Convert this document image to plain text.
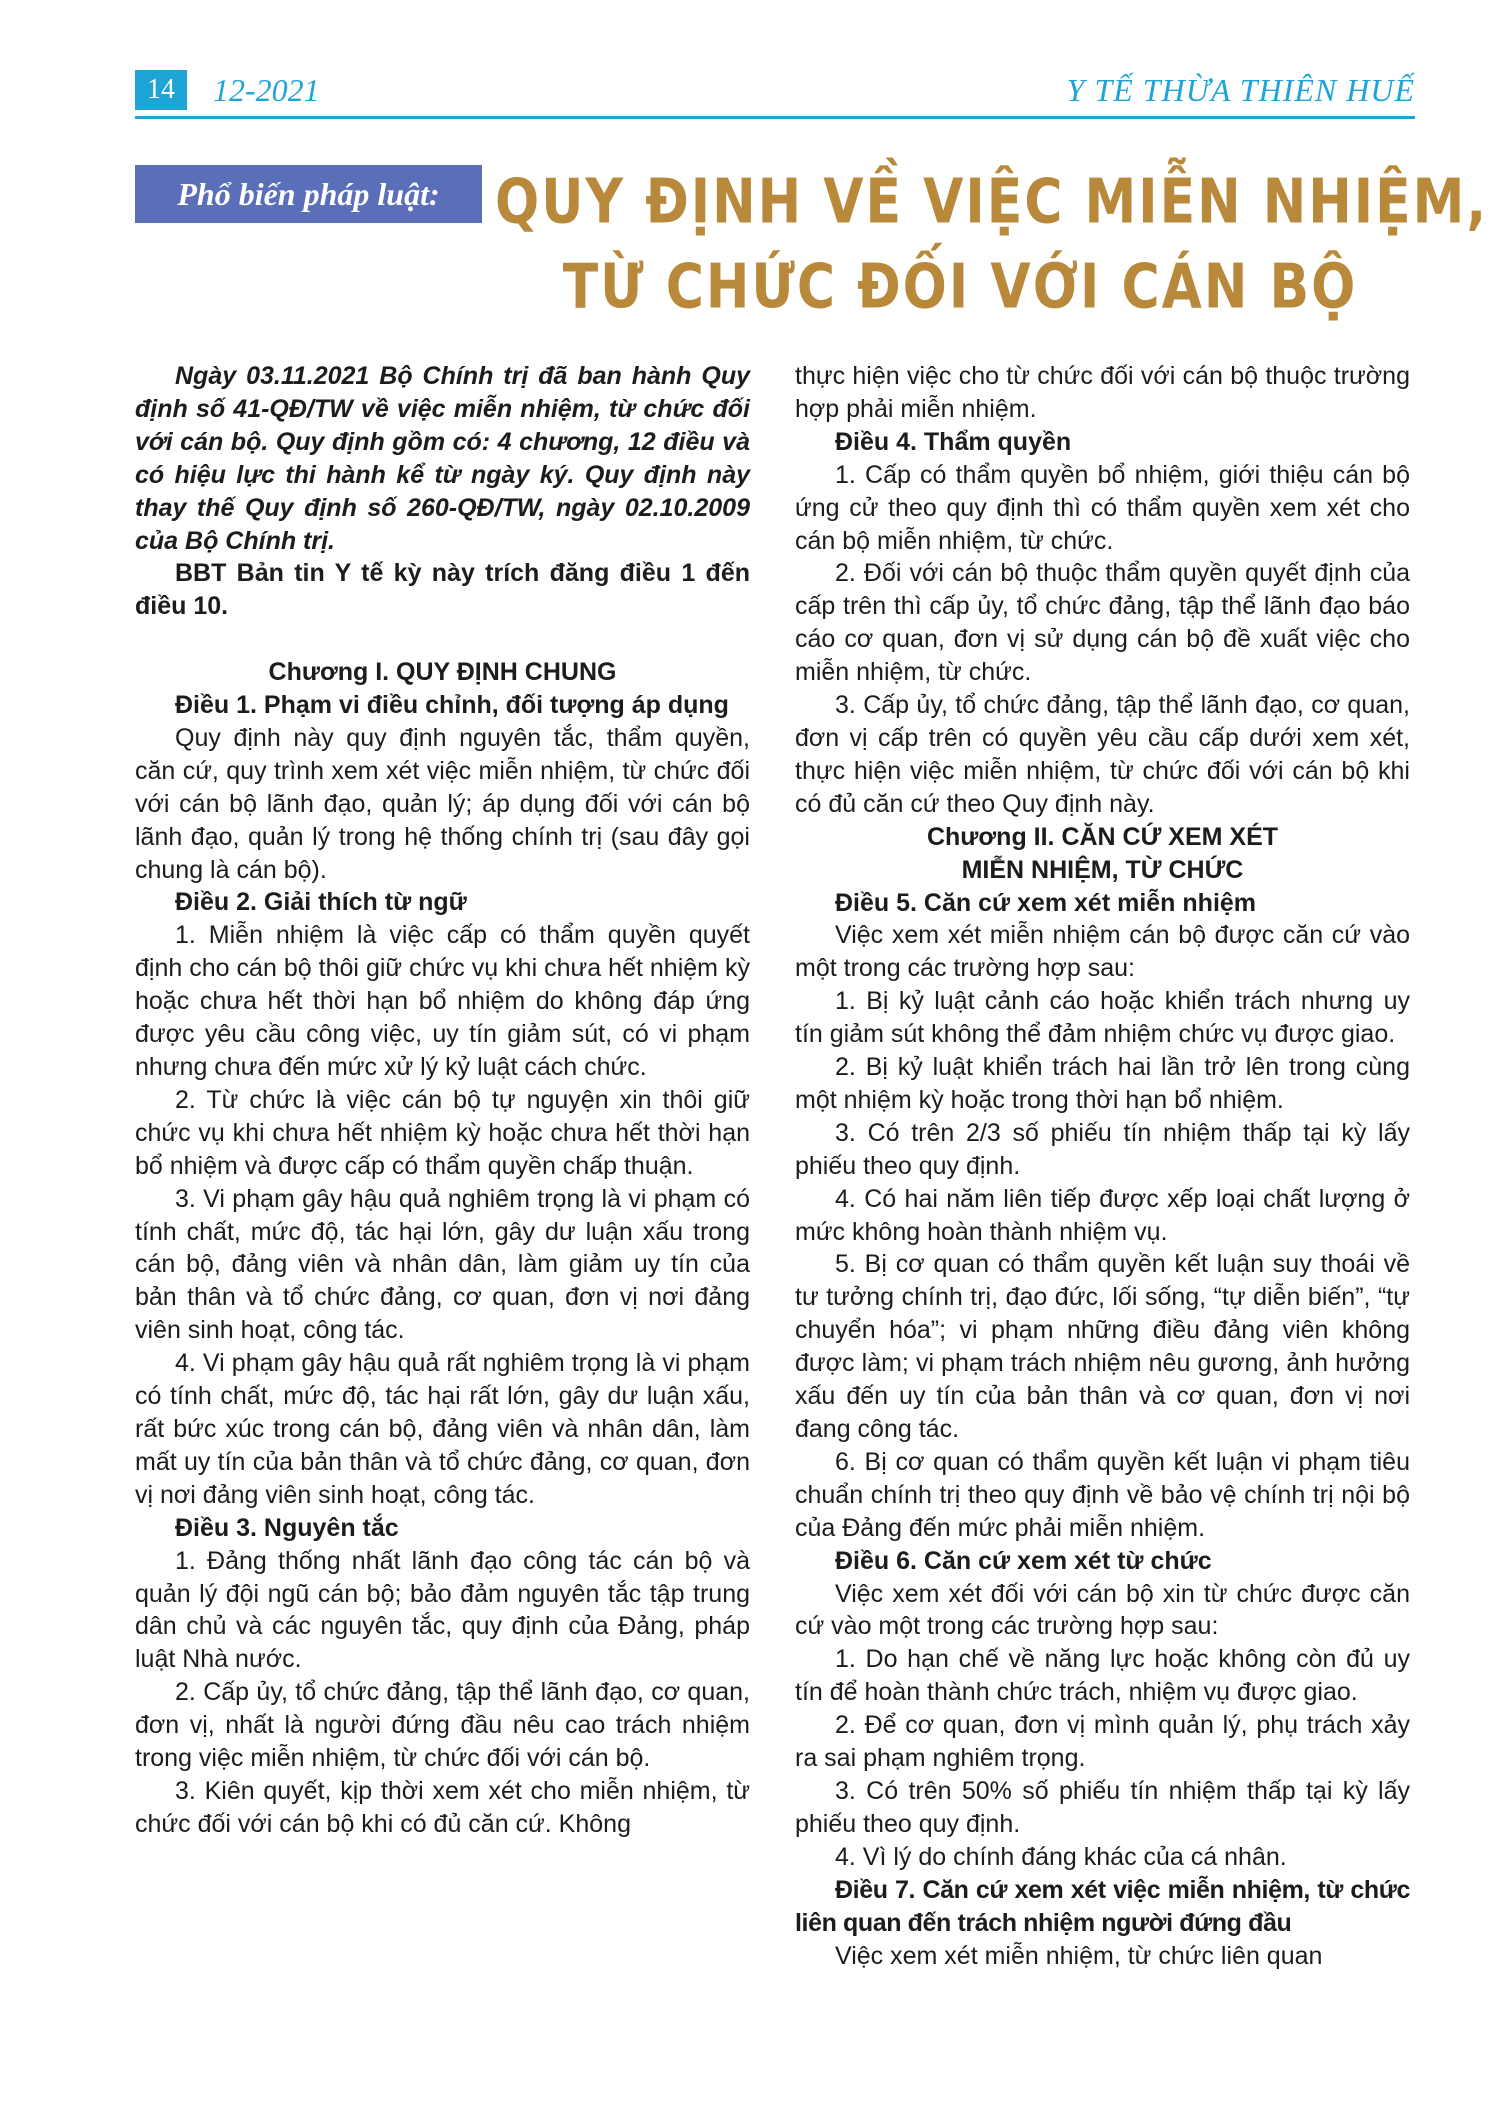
14	12-2021	Y TẾ THỪA THIÊN HUẾ
Phổ biến pháp luật:	QUY ĐỊNH VỀ VIỆC MIỄN NHIỆM,
TỪ CHỨC ĐỐI VỚI CÁN BỘ

Ngày 03.11.2021 Bộ Chính trị đã ban hành Quy định số 41-QĐ/TW về việc miễn nhiệm, từ chức đối với cán bộ. Quy định gồm có: 4 chương, 12 điều và có hiệu lực thi hành kể từ ngày ký. Quy định này thay thế Quy định số 260-QĐ/TW, ngày 02.10.2009 của Bộ Chính trị.

BBT Bản tin Y tế kỳ này trích đăng điều 1 đến điều 10.

Chương I. QUY ĐỊNH CHUNG

Điều 1. Phạm vi điều chỉnh, đối tượng áp dụng

Quy định này quy định nguyên tắc, thẩm quyền, căn cứ, quy trình xem xét việc miễn nhiệm, từ chức đối với cán bộ lãnh đạo, quản lý; áp dụng đối với cán bộ lãnh đạo, quản lý trong hệ thống chính trị (sau đây gọi chung là cán bộ).

Điều 2. Giải thích từ ngữ

1. Miễn nhiệm là việc cấp có thẩm quyền quyết định cho cán bộ thôi giữ chức vụ khi chưa hết nhiệm kỳ hoặc chưa hết thời hạn bổ nhiệm do không đáp ứng được yêu cầu công việc, uy tín giảm sút, có vi phạm nhưng chưa đến mức xử lý kỷ luật cách chức.

2. Từ chức là việc cán bộ tự nguyện xin thôi giữ chức vụ khi chưa hết nhiệm kỳ hoặc chưa hết thời hạn bổ nhiệm và được cấp có thẩm quyền chấp thuận.

3. Vi phạm gây hậu quả nghiêm trọng là vi phạm có tính chất, mức độ, tác hại lớn, gây dư luận xấu trong cán bộ, đảng viên và nhân dân, làm giảm uy tín của bản thân và tổ chức đảng, cơ quan, đơn vị nơi đảng viên sinh hoạt, công tác.

4. Vi phạm gây hậu quả rất nghiêm trọng là vi phạm có tính chất, mức độ, tác hại rất lớn, gây dư luận xấu, rất bức xúc trong cán bộ, đảng viên và nhân dân, làm mất uy tín của bản thân và tổ chức đảng, cơ quan, đơn vị nơi đảng viên sinh hoạt, công tác.

Điều 3. Nguyên tắc

1. Đảng thống nhất lãnh đạo công tác cán bộ và quản lý đội ngũ cán bộ; bảo đảm nguyên tắc tập trung dân chủ và các nguyên tắc, quy định của Đảng, pháp luật Nhà nước.

2. Cấp ủy, tổ chức đảng, tập thể lãnh đạo, cơ quan, đơn vị, nhất là người đứng đầu nêu cao trách nhiệm trong việc miễn nhiệm, từ chức đối với cán bộ.

3. Kiên quyết, kịp thời xem xét cho miễn nhiệm, từ chức đối với cán bộ khi có đủ căn cứ. Không

thực hiện việc cho từ chức đối với cán bộ thuộc trường hợp phải miễn nhiệm.

Điều 4. Thẩm quyền

1. Cấp có thẩm quyền bổ nhiệm, giới thiệu cán bộ ứng cử theo quy định thì có thẩm quyền xem xét cho cán bộ miễn nhiệm, từ chức.

2. Đối với cán bộ thuộc thẩm quyền quyết định của cấp trên thì cấp ủy, tổ chức đảng, tập thể lãnh đạo báo cáo cơ quan, đơn vị sử dụng cán bộ đề xuất việc cho miễn nhiệm, từ chức.

3. Cấp ủy, tổ chức đảng, tập thể lãnh đạo, cơ quan, đơn vị cấp trên có quyền yêu cầu cấp dưới xem xét, thực hiện việc miễn nhiệm, từ chức đối với cán bộ khi có đủ căn cứ theo Quy định này.

Chương II. CĂN CỨ XEM XÉT

MIỄN NHIỆM, TỪ CHỨC

Điều 5. Căn cứ xem xét miễn nhiệm

Việc xem xét miễn nhiệm cán bộ được căn cứ vào một trong các trường hợp sau:

1. Bị kỷ luật cảnh cáo hoặc khiển trách nhưng uy tín giảm sút không thể đảm nhiệm chức vụ được giao.

2. Bị kỷ luật khiển trách hai lần trở lên trong cùng một nhiệm kỳ hoặc trong thời hạn bổ nhiệm.

3. Có trên 2/3 số phiếu tín nhiệm thấp tại kỳ lấy phiếu theo quy định.

4. Có hai năm liên tiếp được xếp loại chất lượng ở mức không hoàn thành nhiệm vụ.

5. Bị cơ quan có thẩm quyền kết luận suy thoái về tư tưởng chính trị, đạo đức, lối sống, “tự diễn biến”, “tự chuyển hóa”; vi phạm những điều đảng viên không được làm; vi phạm trách nhiệm nêu gương, ảnh hưởng xấu đến uy tín của bản thân và cơ quan, đơn vị nơi đang công tác.

6. Bị cơ quan có thẩm quyền kết luận vi phạm tiêu chuẩn chính trị theo quy định về bảo vệ chính trị nội bộ của Đảng đến mức phải miễn nhiệm.

Điều 6. Căn cứ xem xét từ chức

Việc xem xét đối với cán bộ xin từ chức được căn cứ vào một trong các trường hợp sau:

1. Do hạn chế về năng lực hoặc không còn đủ uy tín để hoàn thành chức trách, nhiệm vụ được giao.

2. Để cơ quan, đơn vị mình quản lý, phụ trách xảy ra sai phạm nghiêm trọng.

3. Có trên 50% số phiếu tín nhiệm thấp tại kỳ lấy phiếu theo quy định.

4. Vì lý do chính đáng khác của cá nhân.

Điều 7. Căn cứ xem xét việc miễn nhiệm, từ chức liên quan đến trách nhiệm người đứng đầu

Việc xem xét miễn nhiệm, từ chức liên quan
